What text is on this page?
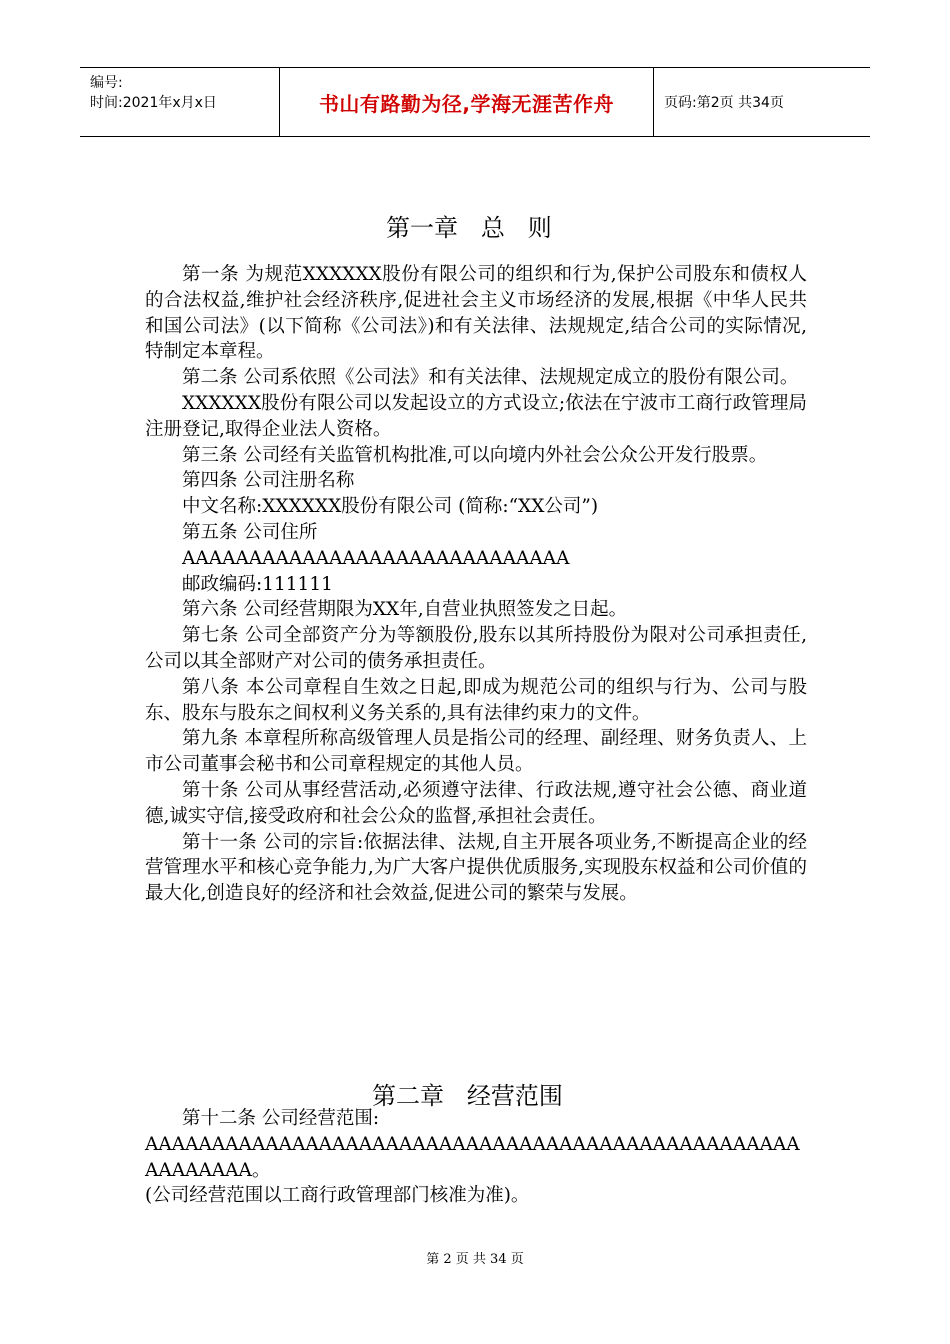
编号:
时间:2021年x月x日	书山有路勤为径,学海无涯苦作舟	页码:第2页 共34页
第一章   总   则

第一条 为规范XXXXXX股份有限公司的组织和行为,保护公司股东和债权人的合法权益,维护社会经济秩序,促进社会主义市场经济的发展,根据《中华人民共和国公司法》(以下简称《公司法》)和有关法律、法规规定,结合公司的实际情况,特制定本章程。

第二条 公司系依照《公司法》和有关法律、法规规定成立的股份有限公司。

XXXXXX股份有限公司以发起设立的方式设立;依法在宁波市工商行政管理局注册登记,取得企业法人资格。

第三条 公司经有关监管机构批准,可以向境内外社会公众公开发行股票。

第四条 公司注册名称

中文名称:XXXXXX股份有限公司 (简称:“XX公司”)

第五条 公司住所

AAAAAAAAAAAAAAAAAAAAAAAAAAAAA

邮政编码:111111

第六条 公司经营期限为XX年,自营业执照签发之日起。

第七条 公司全部资产分为等额股份,股东以其所持股份为限对公司承担责任,公司以其全部财产对公司的债务承担责任。

第八条 本公司章程自生效之日起,即成为规范公司的组织与行为、公司与股东、股东与股东之间权利义务关系的,具有法律约束力的文件。

第九条 本章程所称高级管理人员是指公司的经理、副经理、财务负责人、上市公司董事会秘书和公司章程规定的其他人员。

第十条 公司从事经营活动,必须遵守法律、行政法规,遵守社会公德、商业道德,诚实守信,接受政府和社会公众的监督,承担社会责任。

第十一条 公司的宗旨:依据法律、法规,自主开展各项业务,不断提高企业的经营管理水平和核心竞争能力,为广大客户提供优质服务,实现股东权益和公司价值的最大化,创造良好的经济和社会效益,促进公司的繁荣与发展。

第二章   经营范围

第十二条 公司经营范围:

AAAAAAAAAAAAAAAAAAAAAAAAAAAAAAAAAAAAAAAAAAAAAAAAAAAAAAAAA。

(公司经营范围以工商行政管理部门核准为准)。

第 2 页 共 34 页
